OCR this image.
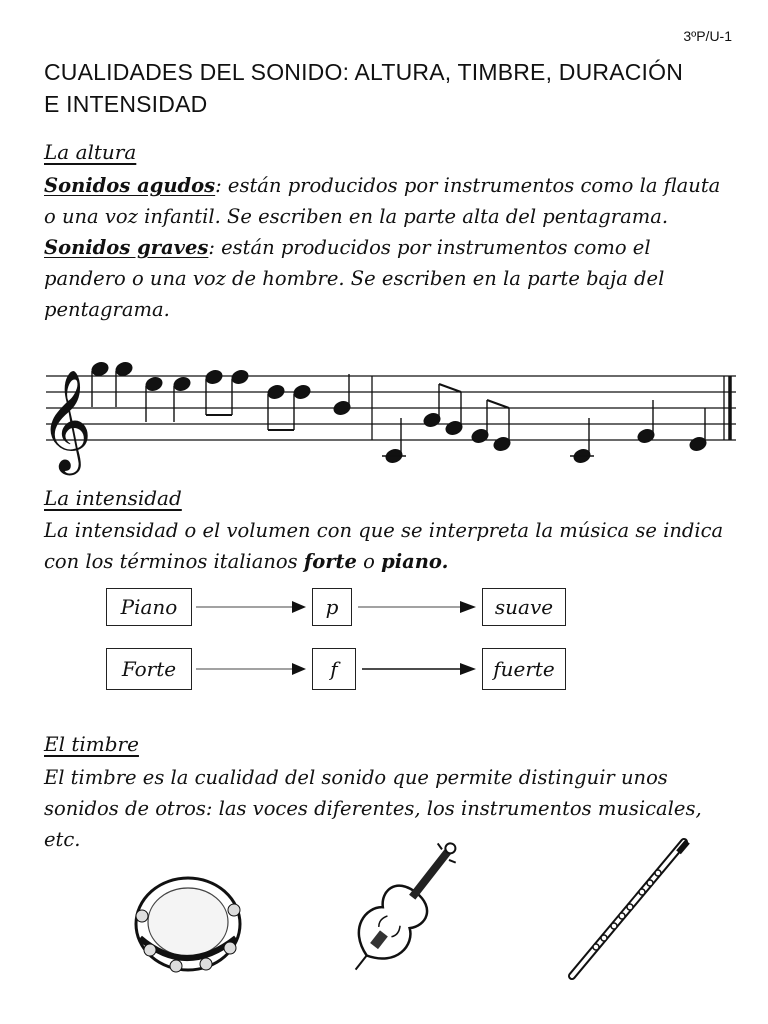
3ºP/U-1
CUALIDADES DEL SONIDO: ALTURA, TIMBRE, DURACIÓN E INTENSIDAD
La altura
Sonidos agudos: están producidos por instrumentos como la flauta o una voz infantil. Se escriben en la parte alta del pentagrama.
Sonidos graves: están producidos por instrumentos como el pandero o una voz de hombre. Se escriben en la parte baja del pentagrama.
𝄞
La intensidad
La intensidad o el volumen con que se interpreta la música se indica con los términos italianos forte o piano.
Piano	p	suave
Forte	f	fuerte
El timbre
El timbre es la cualidad del sonido que permite distinguir unos sonidos de otros: las voces diferentes, los instrumentos musicales, etc.
